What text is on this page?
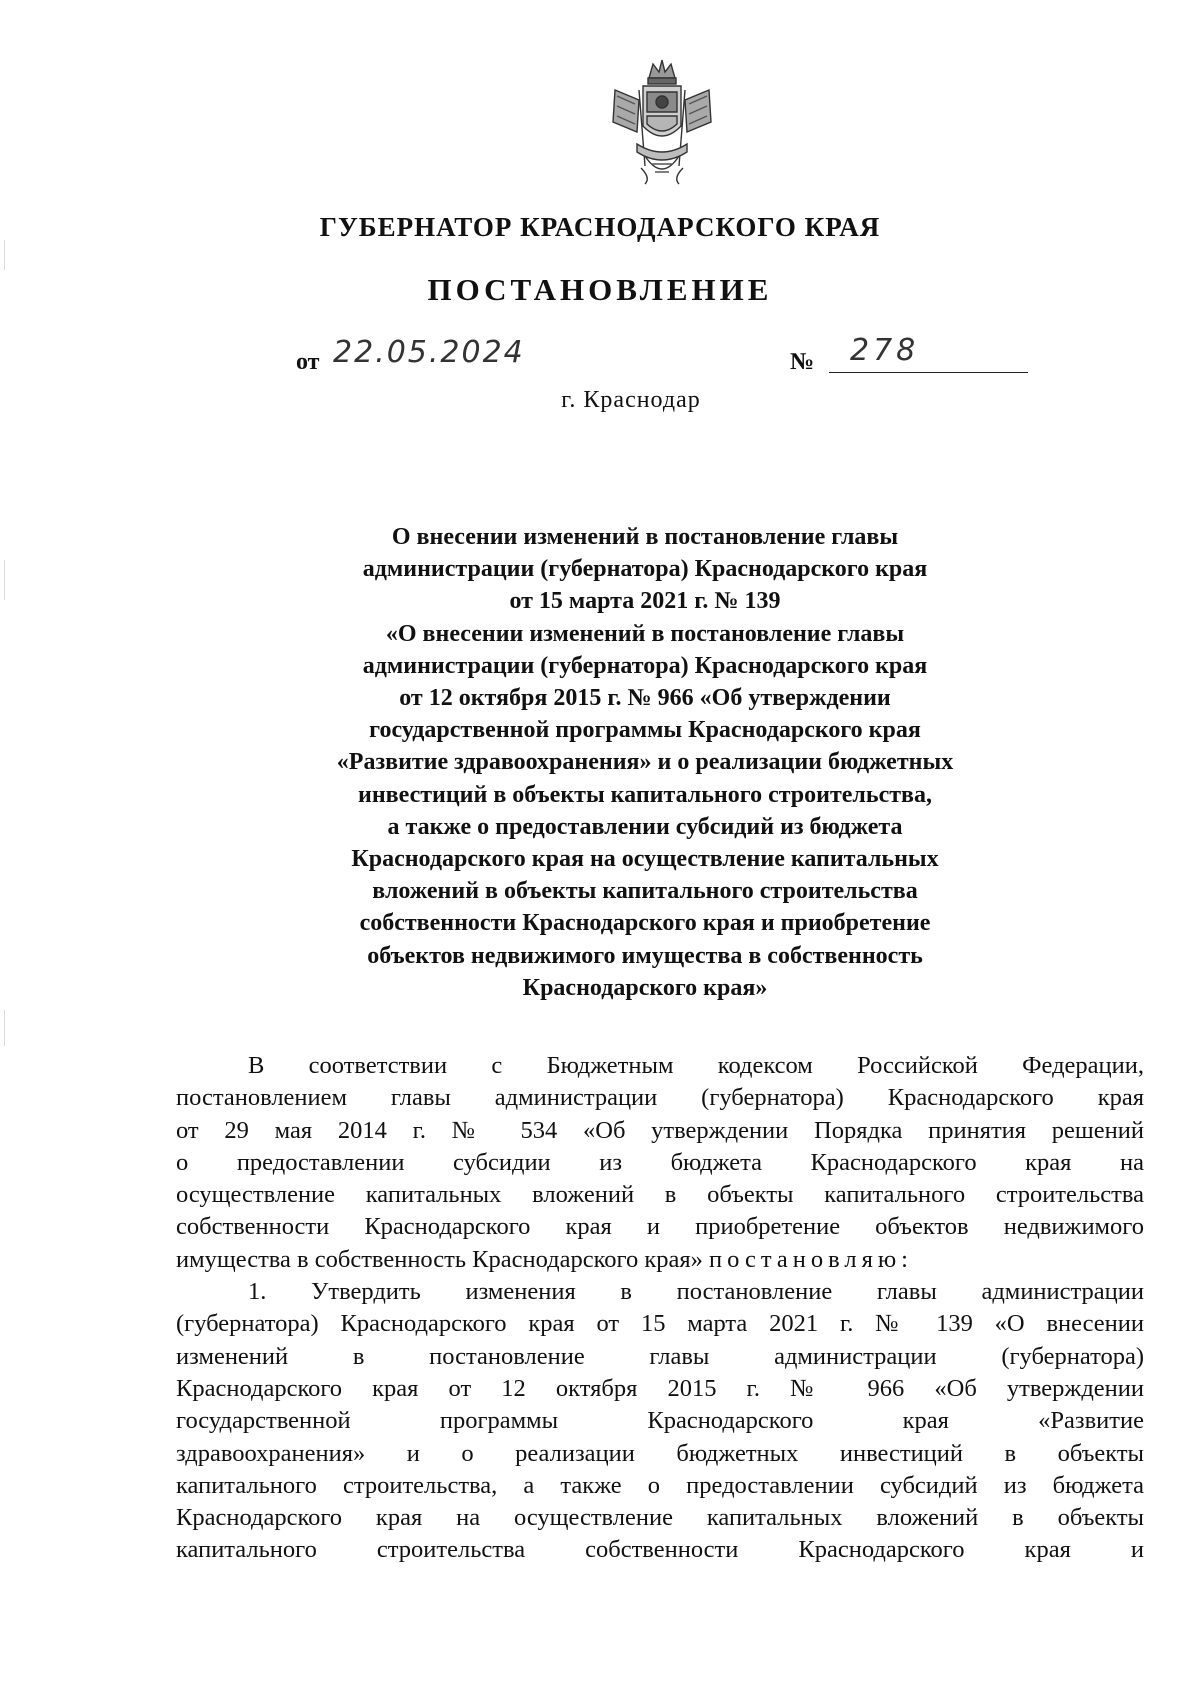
ГУБЕРНАТОР КРАСНОДАРСКОГО КРАЯ
ПОСТАНОВЛЕНИЕ
от 22.05.2024	№ 278
г. Краснодар
О внесении изменений в постановление главы
администрации (губернатора) Краснодарского края
от 15 марта 2021 г. № 139
«О внесении изменений в постановление главы
администрации (губернатора) Краснодарского края
от 12 октября 2015 г. № 966 «Об утверждении
государственной программы Краснодарского края
«Развитие здравоохранения» и о реализации бюджетных
инвестиций в объекты капитального строительства,
а также о предоставлении субсидий из бюджета
Краснодарского края на осуществление капитальных
вложений в объекты капитального строительства
собственности Краснодарского края и приобретение
объектов недвижимого имущества в собственность
Краснодарского края»
В соответствии с Бюджетным кодексом Российской Федерации,
постановлением главы администрации (губернатора) Краснодарского края
от 29 мая 2014 г. № 534 «Об утверждении Порядка принятия решений
о предоставлении субсидии из бюджета Краснодарского края на
осуществление капитальных вложений в объекты капитального строительства
собственности Краснодарского края и приобретение объектов недвижимого
имущества в собственность Краснодарского края» постановляю:
1. Утвердить изменения в постановление главы администрации
(губернатора) Краснодарского края от 15 марта 2021 г. № 139 «О внесении
изменений в постановление главы администрации (губернатора)
Краснодарского края от 12 октября 2015 г. № 966 «Об утверждении
государственной программы Краснодарского края «Развитие
здравоохранения» и о реализации бюджетных инвестиций в объекты
капитального строительства, а также о предоставлении субсидий из бюджета
Краснодарского края на осуществление капитальных вложений в объекты
капитального строительства собственности Краснодарского края и
